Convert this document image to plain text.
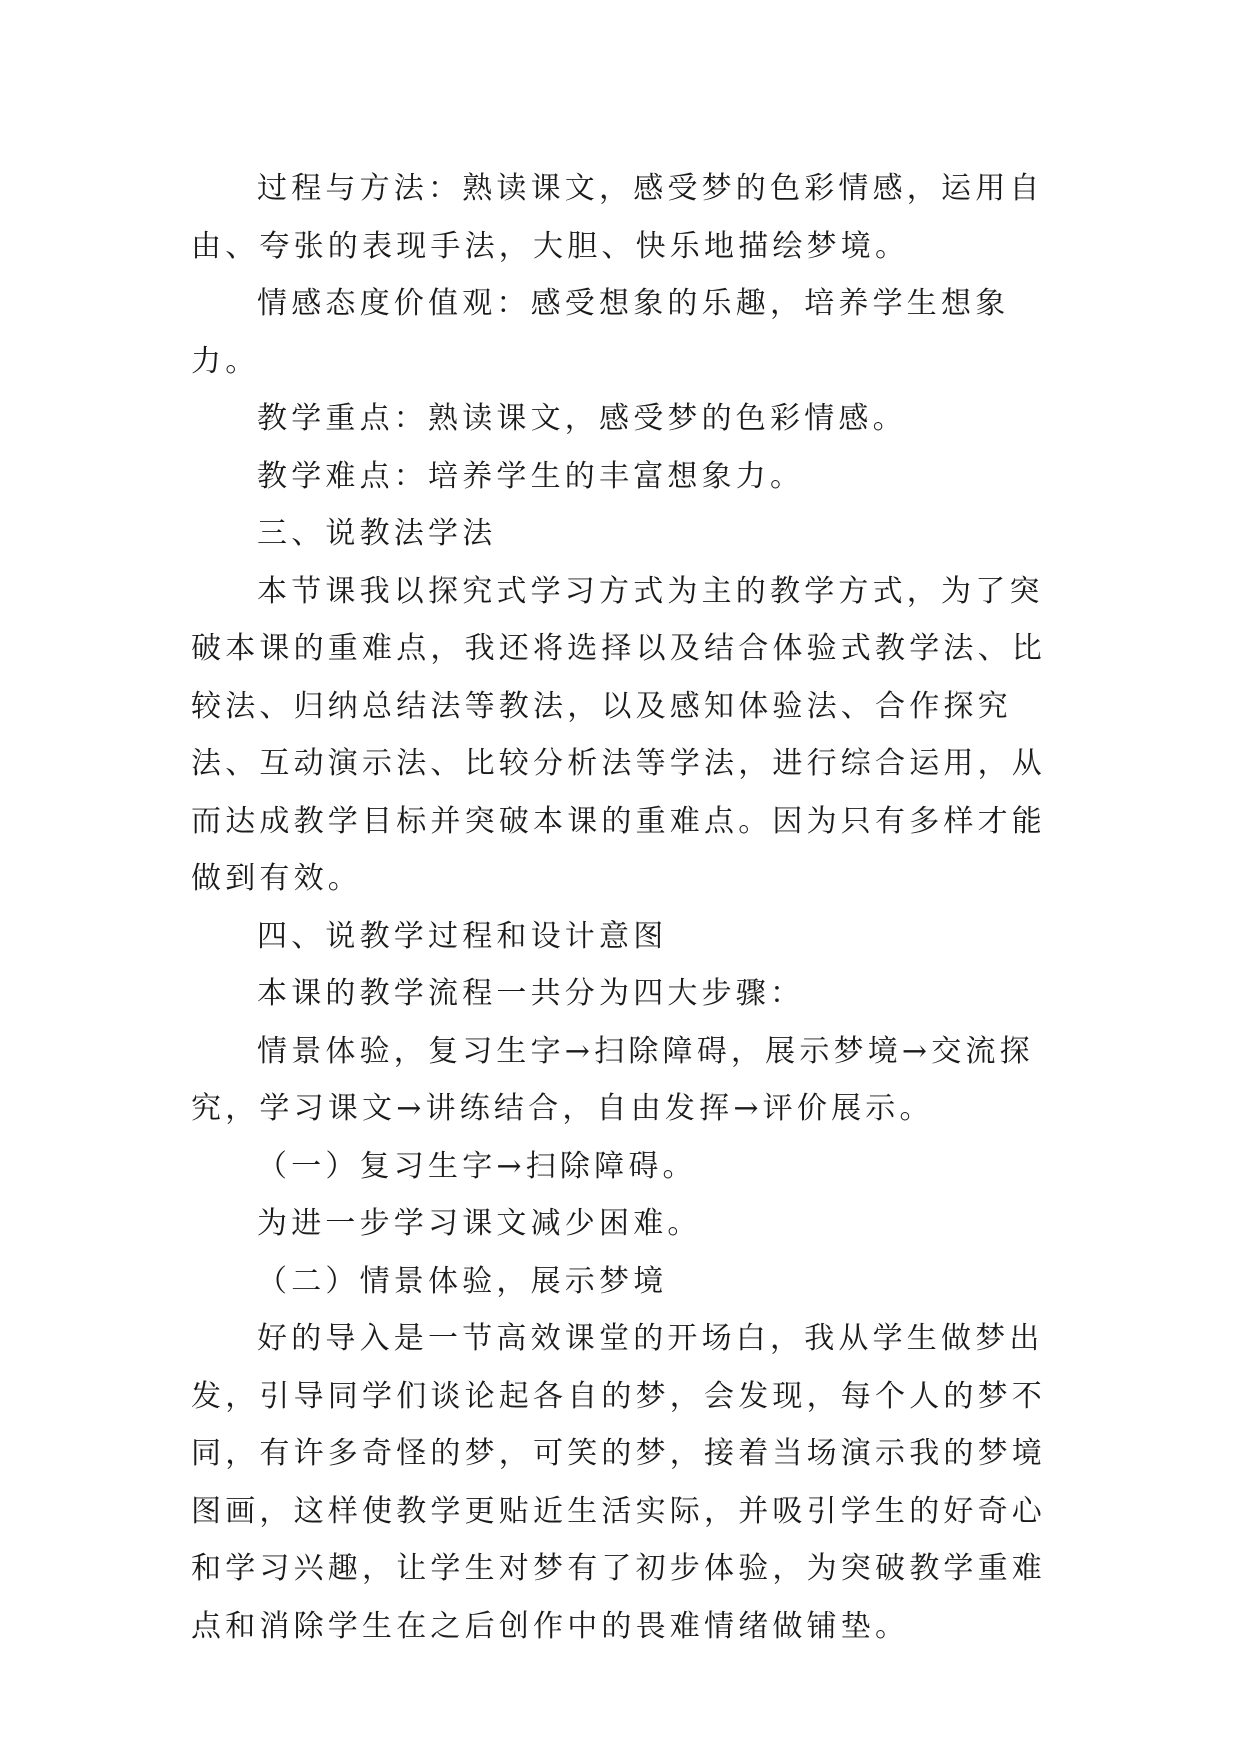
过程与方法：熟读课文，感受梦的色彩情感，运用自由、夸张的表现手法，大胆、快乐地描绘梦境。

情感态度价值观：感受想象的乐趣，培养学生想象力。

教学重点：熟读课文，感受梦的色彩情感。

教学难点：培养学生的丰富想象力。

三、说教法学法

本节课我以探究式学习方式为主的教学方式，为了突破本课的重难点，我还将选择以及结合体验式教学法、比较法、归纳总结法等教法，以及感知体验法、合作探究法、互动演示法、比较分析法等学法，进行综合运用，从而达成教学目标并突破本课的重难点。因为只有多样才能做到有效。

四、说教学过程和设计意图

本课的教学流程一共分为四大步骤：

情景体验，复习生字→扫除障碍，展示梦境→交流探究，学习课文→讲练结合，自由发挥→评价展示。

（一）复习生字→扫除障碍。

为进一步学习课文减少困难。

（二）情景体验，展示梦境

好的导入是一节高效课堂的开场白，我从学生做梦出发，引导同学们谈论起各自的梦，会发现，每个人的梦不同，有许多奇怪的梦，可笑的梦，接着当场演示我的梦境图画，这样使教学更贴近生活实际，并吸引学生的好奇心和学习兴趣，让学生对梦有了初步体验，为突破教学重难点和消除学生在之后创作中的畏难情绪做铺垫。
